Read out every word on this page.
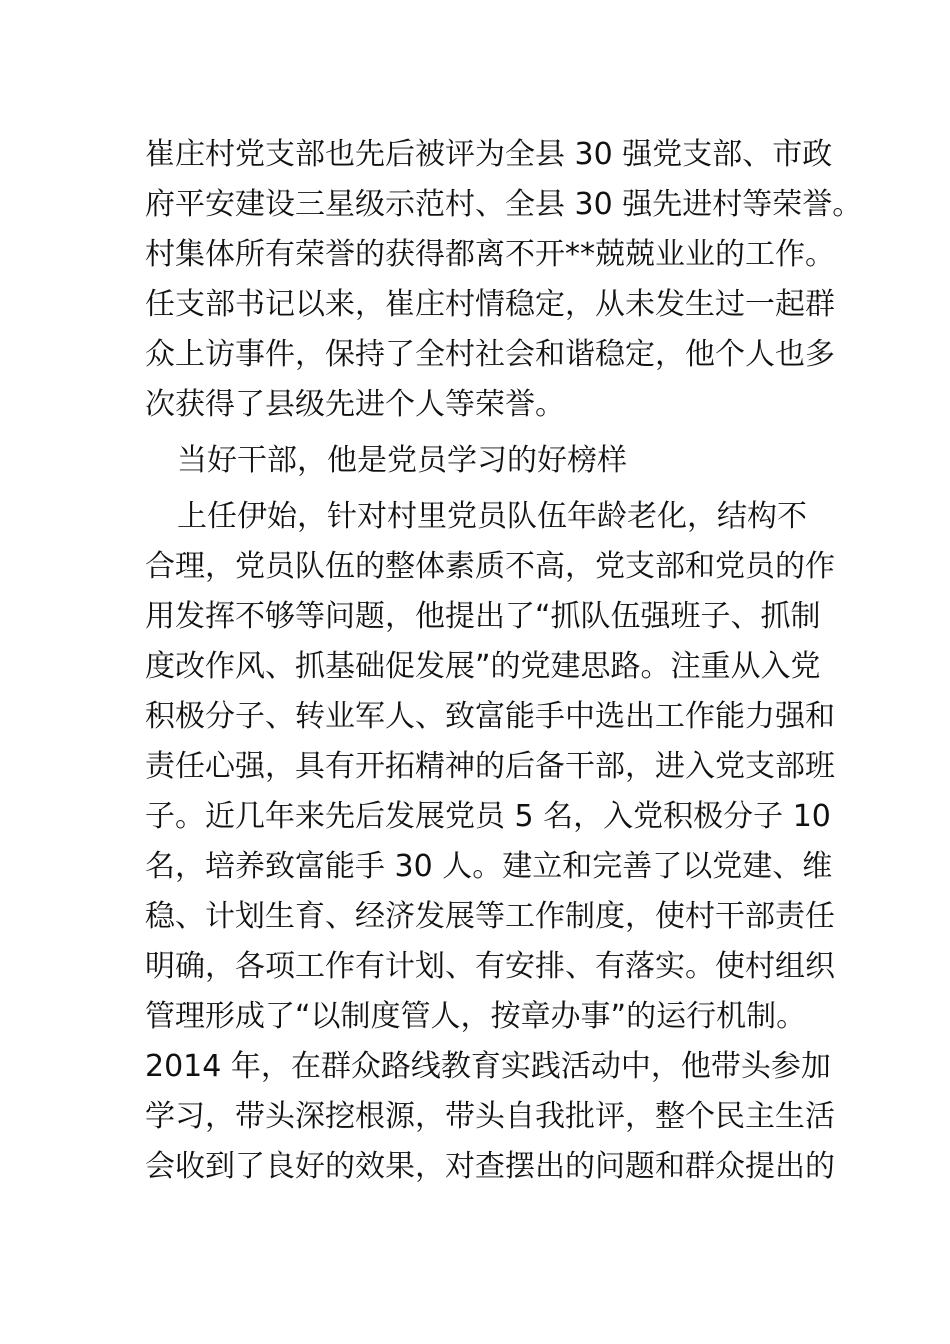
崔庄村党支部也先后被评为全县 30 强党支部、市政
府平安建设三星级示范村、全县 30 强先进村等荣誉。
村集体所有荣誉的获得都离不开**兢兢业业的工作。
任支部书记以来，崔庄村情稳定，从未发生过一起群
众上访事件，保持了全村社会和谐稳定，他个人也多
次获得了县级先进个人等荣誉。
当好干部，他是党员学习的好榜样
上任伊始，针对村里党员队伍年龄老化，结构不
合理，党员队伍的整体素质不高，党支部和党员的作
用发挥不够等问题，他提出了“抓队伍强班子、抓制
度改作风、抓基础促发展”的党建思路。注重从入党
积极分子、转业军人、致富能手中选出工作能力强和
责任心强，具有开拓精神的后备干部，进入党支部班
子。近几年来先后发展党员 5 名，入党积极分子 10
名，培养致富能手 30 人。建立和完善了以党建、维
稳、计划生育、经济发展等工作制度，使村干部责任
明确，各项工作有计划、有安排、有落实。使村组织
管理形成了“以制度管人，按章办事”的运行机制。
2014 年，在群众路线教育实践活动中，他带头参加
学习，带头深挖根源，带头自我批评，整个民主生活
会收到了良好的效果，对查摆出的问题和群众提出的
